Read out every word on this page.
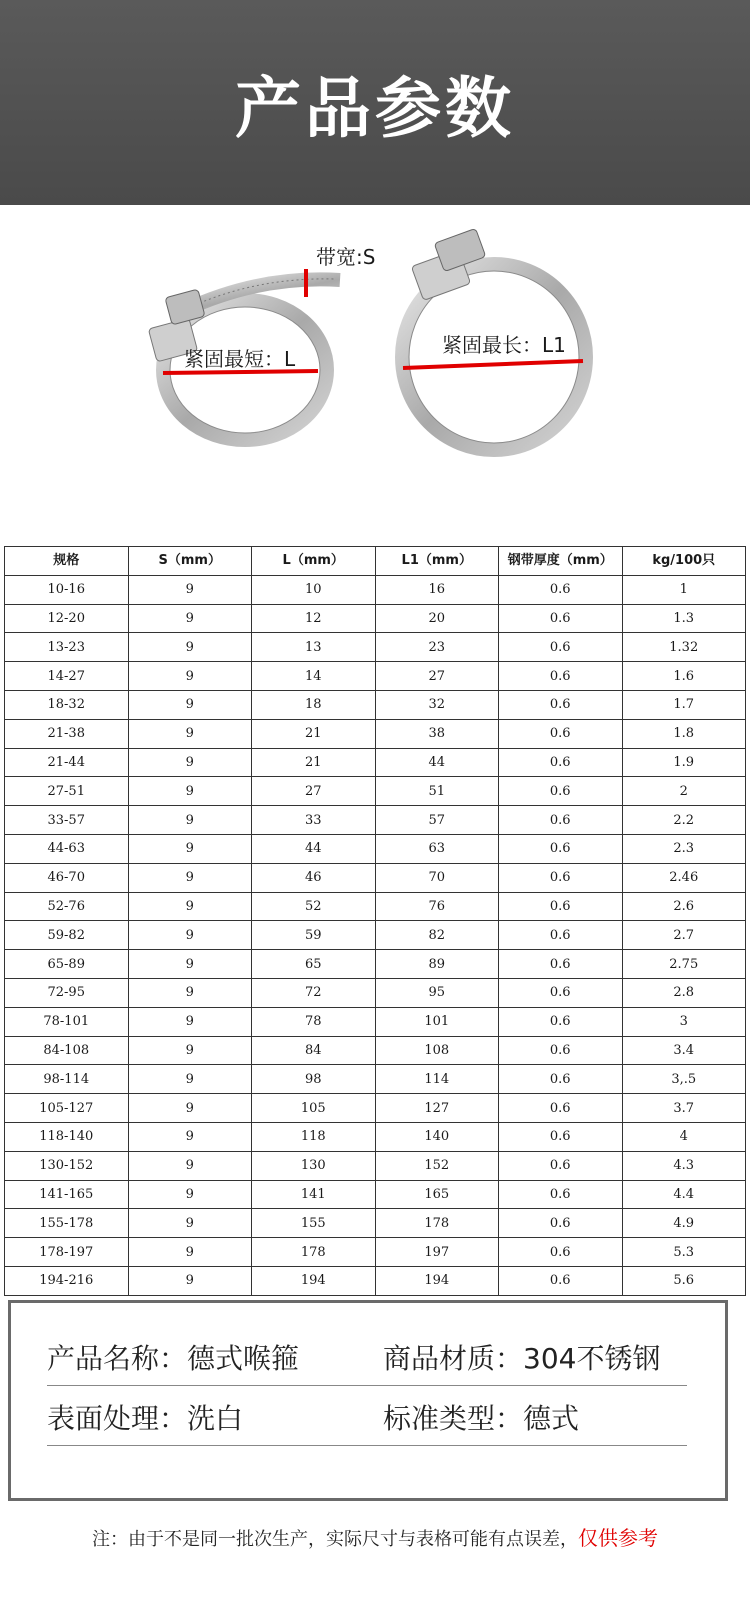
产品参数
带宽:S
紧固最短：L
紧固最长：L1
规格	S（mm）	L（mm）	L1（mm）	钢带厚度（mm）	kg/100只
10-16	9	10	16	0.6	1
12-20	9	12	20	0.6	1.3
13-23	9	13	23	0.6	1.32
14-27	9	14	27	0.6	1.6
18-32	9	18	32	0.6	1.7
21-38	9	21	38	0.6	1.8
21-44	9	21	44	0.6	1.9
27-51	9	27	51	0.6	2
33-57	9	33	57	0.6	2.2
44-63	9	44	63	0.6	2.3
46-70	9	46	70	0.6	2.46
52-76	9	52	76	0.6	2.6
59-82	9	59	82	0.6	2.7
65-89	9	65	89	0.6	2.75
72-95	9	72	95	0.6	2.8
78-101	9	78	101	0.6	3
84-108	9	84	108	0.6	3.4
98-114	9	98	114	0.6	3,.5
105-127	9	105	127	0.6	3.7
118-140	9	118	140	0.6	4
130-152	9	130	152	0.6	4.3
141-165	9	141	165	0.6	4.4
155-178	9	155	178	0.6	4.9
178-197	9	178	197	0.6	5.3
194-216	9	194	194	0.6	5.6
产品名称：德式喉箍	商品材质：304不锈钢
表面处理：洗白	标准类型：德式
注：由于不是同一批次生产，实际尺寸与表格可能有点误差，仅供参考
